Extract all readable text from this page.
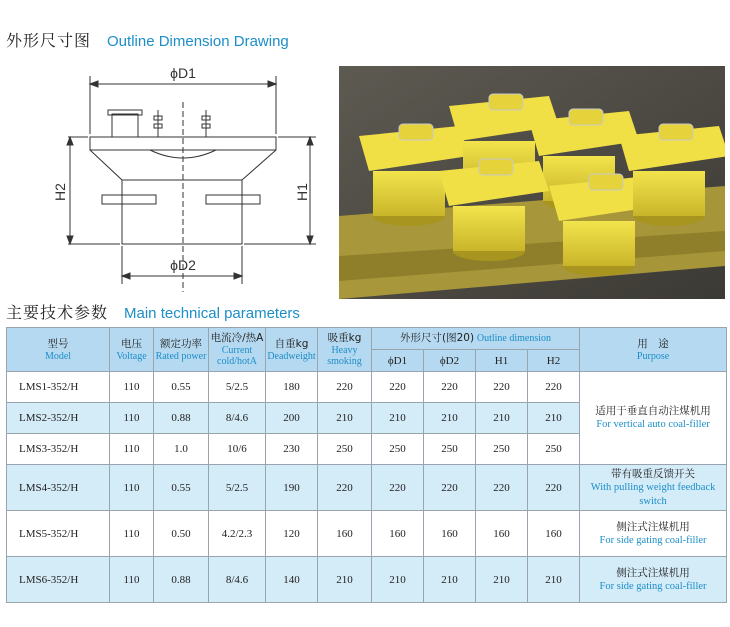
外形尺寸图 Outline Dimension Drawing
ϕD1
ϕD2
H2	H1
主要技术参数 Main technical parameters
型号
Model	电压
Voltage	额定功率
Rated power	电流冷/热A
Current cold/hotA	自重kg
Deadweight	吸重kg
Heavy smoking	外形尺寸(图20) Outline dimension				用　途
Purpose

						ϕD1	ϕD2	H1	H2	
LMS1-352/H	110	0.55	5/2.5	180	220	220	220	220	220	适用于垂直自动注煤机用
For vertical auto coal-filler

LMS2-352/H	110	0.88	8/4.6	200	210	210	210	210	210	
LMS3-352/H	110	1.0	10/6	230	250	250	250	250	250	
LMS4-352/H	110	0.55	5/2.5	190	220	220	220	220	220	带有吸重反馈开关
With pulling weight feedback switch

LMS5-352/H	110	0.50	4.2/2.3	120	160	160	160	160	160	侧注式注煤机用
For side gating coal-filler

LMS6-352/H	110	0.88	8/4.6	140	210	210	210	210	210	侧注式注煤机用
For side gating coal-filler
